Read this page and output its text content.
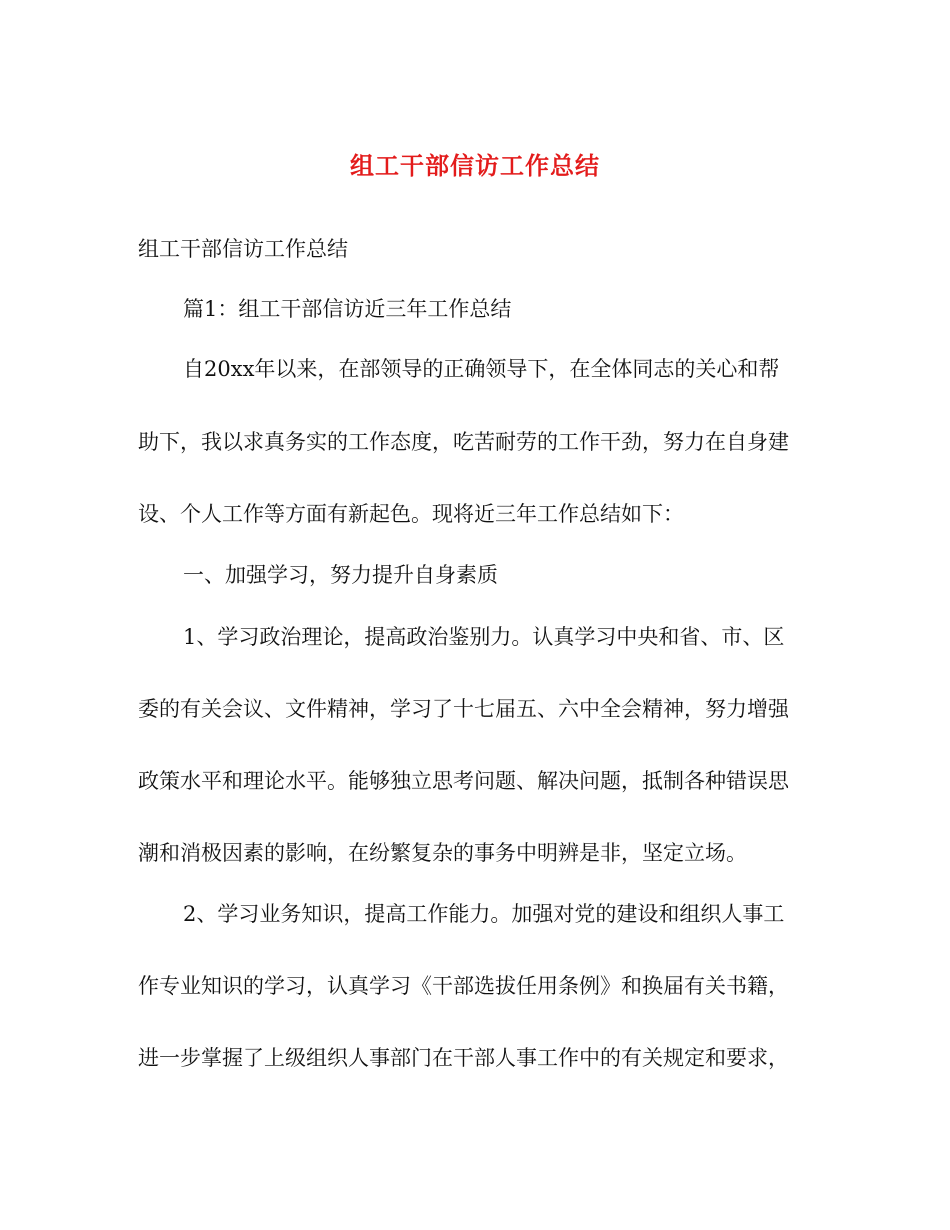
组工干部信访工作总结

组工干部信访工作总结

篇1：组工干部信访近三年工作总结

自20xx年以来，在部领导的正确领导下，在全体同志的关心和帮

助下，我以求真务实的工作态度，吃苦耐劳的工作干劲，努力在自身建

设、个人工作等方面有新起色。现将近三年工作总结如下：

一、加强学习，努力提升自身素质

1、学习政治理论，提高政治鉴别力。认真学习中央和省、市、区

委的有关会议、文件精神，学习了十七届五、六中全会精神，努力增强

政策水平和理论水平。能够独立思考问题、解决问题，抵制各种错误思

潮和消极因素的影响，在纷繁复杂的事务中明辨是非，坚定立场。

2、学习业务知识，提高工作能力。加强对党的建设和组织人事工

作专业知识的学习，认真学习《干部选拔任用条例》和换届有关书籍，

进一步掌握了上级组织人事部门在干部人事工作中的有关规定和要求，
